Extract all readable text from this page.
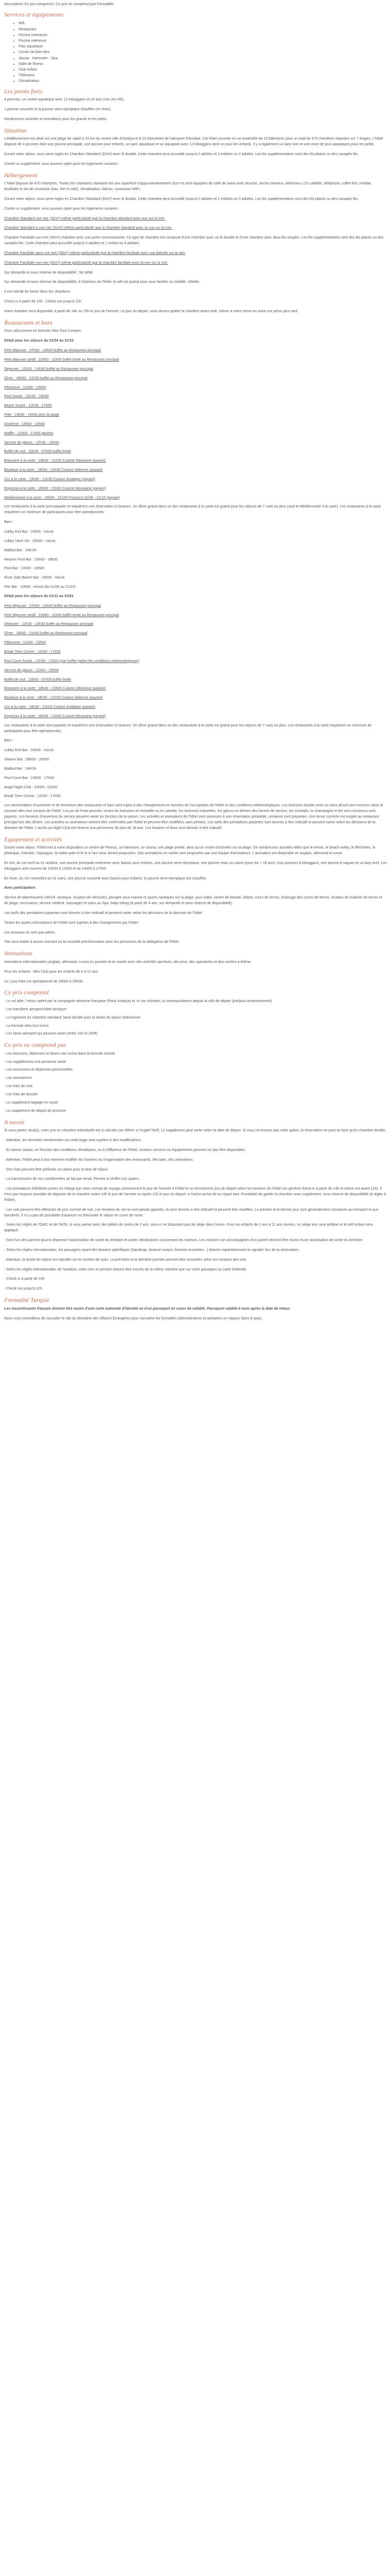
Description/ Ce prix comprend / Ce prix ne comprend pas Formalités

Services et équipements
• Wifi
• Restaurant
• Piscine extérieure
• Piscine intérieure
• Parc aquatique
• Centre de bien-être
• Sauna - Hammam - Spa
• Salle de fitness
• Club enfant
• Télévision
• Climatisation
Les points forts

4 piscines, un centre aquatique avec 12 toboggans et un lazy river (en été).

1 piscine couverte et la piscine semi-olympique chauffée (en hiver).

Nombreuses activités et animations pour les grands et les petits.

Situation

L'établissement est situé sur une plage de sable à 15 km du centre-ville d'Antalya et à 10 kilomètres de l'aéroport d'Antalya. Cet hôtel consiste en un ensemble de 15 bâtiments pour un total de 470 chambres réparties sur 7 étages. L'hôtel dispose de 4 piscines dont une piscine principale, une piscine pour enfants, un parc aquatique et un aquapark avec 12 toboggans dont un pour les enfants. Il y a également un lazy river et une zone de jeux aquatiques pour les petits.

Durant votre séjour, vous serez logés en Chambre Standard (32m²) avec lit double. Cette chambre peut accueillir jusqu'à 2 adultes et 2 enfants ou 3 adultes. Les lits supplémentaires sont des lits pliants ou des canapés-lits.

Contre un supplément, vous pourrez opter pour les logements suivants :

Hébergement

L'hôtel dispose de 470 chambres. Toutes les chambres standard ont une superficie d'approximativement 32m² et sont équipées de salle de bains avec douche, sèche-cheveux, télévision LCD satellite, téléphone, coffre-fort, minibar, bouilloire et set de courtoisie (eau, thé et café), climatisation, balcon, connexion WIFI.

Durant votre séjour, vous serez logés en Chambre Standard (32m²) avec lit double. Cette chambre peut accueillir jusqu'à 2 adultes et 2 enfants ou 3 adultes. Les lits supplémentaires sont des lits pliants ou des canapés-lits.

Contre un supplément, vous pourrez opter pour les logements suivants :

Chambre Standard vue mer (32m²) même particularité que la chambre standard avec vue sur la mer.

Chambre Standard à vue mer (32m²) même particularité que la chambre standard avec la vue sur la mer.

Chambre Familiale vue mer (40m²) chambre avec une porte communicante. Ce type de chambre est composé d'une chambre avec un lit double et d'une chambre avec deux lits simples. Les lits supplémentaires sont des lits pliants ou des canapés-lits. Cette chambre peut accueillir jusqu'à 3 adultes et 1 enfant ou 4 adultes.

Chambre Familiale sans vue mer (50m²) même particularité que la chambre familiale avec vue latérale sur la mer.

Chambre Familiale vue mer (40m²) même particularité que la chambre familiale avec la vue sur la mer.

Sur demande et sous réserve de disponibilité : lits bébé

Sur demande et sous réserve de disponibilité, à l'intérieur de l'hôtel, le wifi est gratuit pour vous faciliter la mobilité. Hôtelle.

Il est interdit de fumer dans les chambres.

Check in à partir de 14h - Check out jusqu'à 12h

Votre chambre sera disponible à partir de 14h ou 15h le jour de l'arrivée. Le jour du départ, vous devrez quitter la chambre avant midi, même si votre retour en avion est prévu plus tard.

Restaurants et bars

Vous séjournerez en formule Ultra Tout Compris

Détail pour les séjours du 01/04 au 31/10

Petit déjeuner : 07h00 - 10h00 buffet au Restaurant principal

Petit déjeuner tardif : 10h00 - 11h00 buffet limité au Restaurant principal

Déjeuner : 12h30 - 14h30 buffet au Restaurant principal

Dîner : 19h00 - 21h30 buffet au Restaurant principal

Pâtisserie : 11h00 - 23h00

Pool Snack : 12h30 - 16h00

Beach Snack : 12h30 - 17h00

Pide : 13h00 - 16h00 près la plage

Gözleme : 14h00 - 16h00

Waffle : 12h00 - 17h00 gaufres

Service de glaces : 12h30 - 16h00

Buffet de nuit : 23h30 - 07h00 buffet limité

Brasserie à la carte : 19h00 - 21h30 Cuisine Ottomane (payant)

Boutique à la carte : 19h00 - 21h30 Cuisine Italienne (payant)

Cici à la carte : 19h00 - 21h30 Cuisine Asiatique (payant)

Espresso à la carte : 19h00 - 21h30 Cuisine Mexicaine (payant)

Méditerranée à la carte : 19h00 - 21h30 Poissons 01/06 - 21/10 (payant)

Les restaurants à la carte sont payants et requièrent une réservation à l'avance. Un dîner gratuit dans un des restaurants à la carte est gratuit pour les séjours de 7 nuits ou plus (sauf le Méditerranée à la carte). Les restaurants à la carte requièrent un minimum de participants pour être opérationnels.

Bars :

Lobby Exit Bar : 10h00 - minuit

Lobby Vient Vie : 16h00 - minuit

Malibul Bar : 24h/24

Heaven Pool Bar : 10h00 - 18h00

Pool Bar : 10h00 - 18h00

River Side Beach Bar : 10h00 - minuit

Pier Bar : 10h00 - minuit (du 01/06 au 21/10)

Détail pour les séjours du 01/11 au 31/03

Petit déjeuner : 07h00 - 10h00 buffet au Restaurant principal

Petit déjeuner tardif : 10h00 - 11h00 buffet limité au Restaurant principal

Déjeuner : 12h30 - 14h30 buffet au Restaurant principal

Dîner : 18h30 - 21h00 buffet au Restaurant principal

Pâtisserie : 11h00 - 23h00

Break Time Corner : 11h00 - 17h00

Pool Court Snack : 12h30 - 17h00 (voir buffet (selon les conditions météorologiques)

Service de glaces : 11h00 - 23h00

Buffet de nuit : 23h00 - 07h00 buffet limité

Brasserie à la carte : 18h30 - 21h00 Cuisine Ottomane (payant)

Boutique à la carte : 18h30 - 21h00 Cuisine Italienne (payant)

Cici à la carte : 18h30 - 21h00 Cuisine Asiatique (payant)

Espresso à la carte : 18h30 - 21h00 Cuisine Mexicaine (payant)

Les restaurants à la carte sont payants et requièrent une réservation à l'avance. Un dîner gratuit dans un des restaurants à la carte est gratuit pour les séjours de 7 nuits ou plus. Les restaurants à la carte requièrent un minimum de participants pour être opérationnels.

Bars :

Lobby Exit Bar : 10h00 - minuit

Vitamin Bar : 09h00 - 20h00

Malibul Bar : 24h/24

Pool Court Bar : 10h00 - 17h00

Angel Night Club : 23h00 - 01h00

Break Time Corner : 11h00 - 17h00

Les heures/dates d'ouverture et de fermeture des restaurants et bars sont sujets à des changements en fonction de l'occupation de l'hôtel et des conditions météorologiques. Les boissons locales avec ou sans alcool sont incluses selon le concept ultra tout compris de l'hôtel. Les jus de fruits pressés, toutes les boissons en bouteille ou en canette, les boissons importées, les glaces en dehors des heures de service, les cocktails, le champagne et les vins mousseux sont payants. Les horaires d'ouverture du service peuvent varier en fonction de la saison. Les activités et animations de l'hôtel sont soumises à une réservation préalable, certaines sont payantes. Une tenue correcte est exigée au restaurant principal lors des dîners. Les activités ou animations doivent être confirmées par l'hôtel et peuvent être modifiées sans préavis. Les tarifs des prestations payantes sont donnés à titre indicatif et peuvent varier selon les décisions de la direction de l'hôtel. L'accès au Night Club est réservé aux personnes de plus de 18 ans. Les horaires et lieux sont donnés à titre indicatif.

Equipement et activités

Durant votre séjour, l'hôtel met à votre disposition un centre de Fitness, un hammam, un sauna, une plage privée, ainsi qu'un centre d'activités sur la plage. De nombreuses activités telles que le tennis, le beach-volley, le fléchettes, le pétanque, l'aérobic, l'aquagym, le water-polo et le tir à l'arc vous seront proposées. Des animations en soirée sont proposées par une équipe d'animateurs. L'animation est disponible en anglais, allemand et russe.

En été, du 1er avril au 31 octobre, une piscine principale extérieure avec bassin pour enfants, une piscine semi-olympique, une piscine relax ou calme (pour les + 18 ans), trois piscines à toboggans, une piscine à vagues et un lazy river. Les toboggans sont ouverts de 10h00 à 12h00 et de 14h00 à 17h00.

En hiver, du 1er novembre au 31 mars, une piscine couverte avec bassin pour enfants, le piscine semi-olympique est chauffée.

Avec participation

Service de blanchisserie 24h/24, boutique, location de véhicules, plongée sous-marine et sports nautiques sur la plage, jeux vidéo, centre de beauté, billard, cours de tennis, éclairage des courts de tennis, location de matériel de tennis et de plage, excursions, service médical, massages et soins au Spa, baby-sitting (à partir de 4 ans, sur demande et sous réserve de disponibilité).

Les tarifs des prestations payantes sont donnés à titre indicatif et peuvent varier selon les décisions de la direction de l'hôtel.

Toutes les autres informations de l'hôtel sont sujettes à des changements par l'hôtel.

Les animaux ne sont pas admis.

*Ne sous-traiter à aucun moment ou la nouvelle préréservation avec les personnes de la délégation de l'hôtel.

Animations

Animations internationales (anglais, allemand, russe) en journée et en soirée avec des activités sportives, des jeux, des spectacles et des soirées à thème.

Pour les enfants : Mini Club pour les enfants de 4 à 12 ans.

Le Luna Park est opérationnel de 10h00 à 20h00.

Ce prix comprend
- Le vol aller / retour opéré par la compagnie aérienne française (Paris-Antalya) et, le cas échéant, la correspondance depuis la ville de départ (pré/post acheminement)
- Les transferts aéroport-hôtel-aéroport
- Le logement en chambre standard, base double pour la durée du séjour sélectionné
- La formule ultra tout inclus
- Les taxes aéroport qui peuvent varier (entre 100 et 200€)
Ce prix ne comprend pas
- Les boissons, dépenses et diners non inclus dans la formule choisie
- Les suppléments à la personne seule
- Les excursions et dépenses personnelles
- Les assurances
- Les frais de visa
- Les frais de dossier
- Le supplément bagage en soute
- Le supplément de départ de province
A savoir

Si vous partez seul(e), votre prix en chambre individuelle est à calculer (se référer à l'onglet Tarif). Le supplément peut varier selon la date de départ. Si vous ne trouvez pas cette option, la réservation ne peut se faire qu'en chambre double.

- Attention, les données mentionnées sur cette page sont sujettes à des modifications.

- En basse saison, en fonction des conditions climatiques, ou à l'affluence de l'hôtel, certains services ou équipements peuvent ne pas être disponibles.

- Attention, l'hôtel peut à tout moment modifier les horaires ou l'organisation des restaurants, des bars, des animations.

- Des frais peuvent être prélevés sur place pour la taxe de séjour.

- La transmission de vos coordonnées se fait par email. Pensez à vérifier vos spams.

- Les prestations hôtelières prises en charge par votre contrat de voyage commencent le jour de l'arrivée à l'hôtel et se terminent le jour du départ selon les horaires de l'hôtel (en général check-in à partir de 14h et check-out avant 12h). Il n'est pas toujours possible de disposer de la chambre avant 14h le jour de l'arrivée ou après 12h le jour du départ, si l'avion arrive tôt ou repart tard. Possibilité de garder la chambre avec supplément, sous réserve de disponibilité (à régler à l'hôtel).

- Les vols peuvent être effectués de jour comme de nuit. Les horaires de vol ne sont jamais garantis, ils sont donnés à titre indicatif et peuvent être modifiés. Le premier et le dernier jour sont généralement consacrés au transport et aux transferts. Il n'y a pas de possibilité d'avancer ou d'écourter le séjour en cours de route.

- Selon les règles de l'OACI et de l'IATA, si vous partez avec des bébés de moins de 2 ans, ceux-ci ne disposent pas de siège dans l'avion. Pour les enfants de 2 ans à 11 ans révolus, un siège leur sera attribué et le tarif enfant sera appliqué.

- Seul l'un des parents pourra dispenser l'autorisation de sortie du territoire et autres déclarations concernant les mineurs. Les mineurs non accompagnés d'un parent doivent être munis d'une autorisation de sortie du territoire.

- Selon les règles internationales, les passagers ayant des besoins spécifiques (handicap, fauteuil roulant, femmes enceintes...) doivent impérativement le signaler lors de la réservation.

- Attention, la durée du séjour est calculée sur le nombre de nuits. La première et la dernière journée peuvent être écourtées selon les horaires des vols.

- Selon les règles internationales de l'aviation, votre nom et prénom doivent être inscrits de la même manière que sur votre passeport ou carte d'identité.

- Check in à partir de 14h

- Check out jusqu'à 12h

Formalité Turquie

Les ressortissants français doivent être munis d'une carte nationale d'identité ou d'un passeport en cours de validité. Passeport valable 6 mois après la date de retour.

Nous vous conseillons de consulter le site du Ministère des Affaires Étrangères pour connaître les formalités administratives et sanitaires en vigueur dans le pays.
